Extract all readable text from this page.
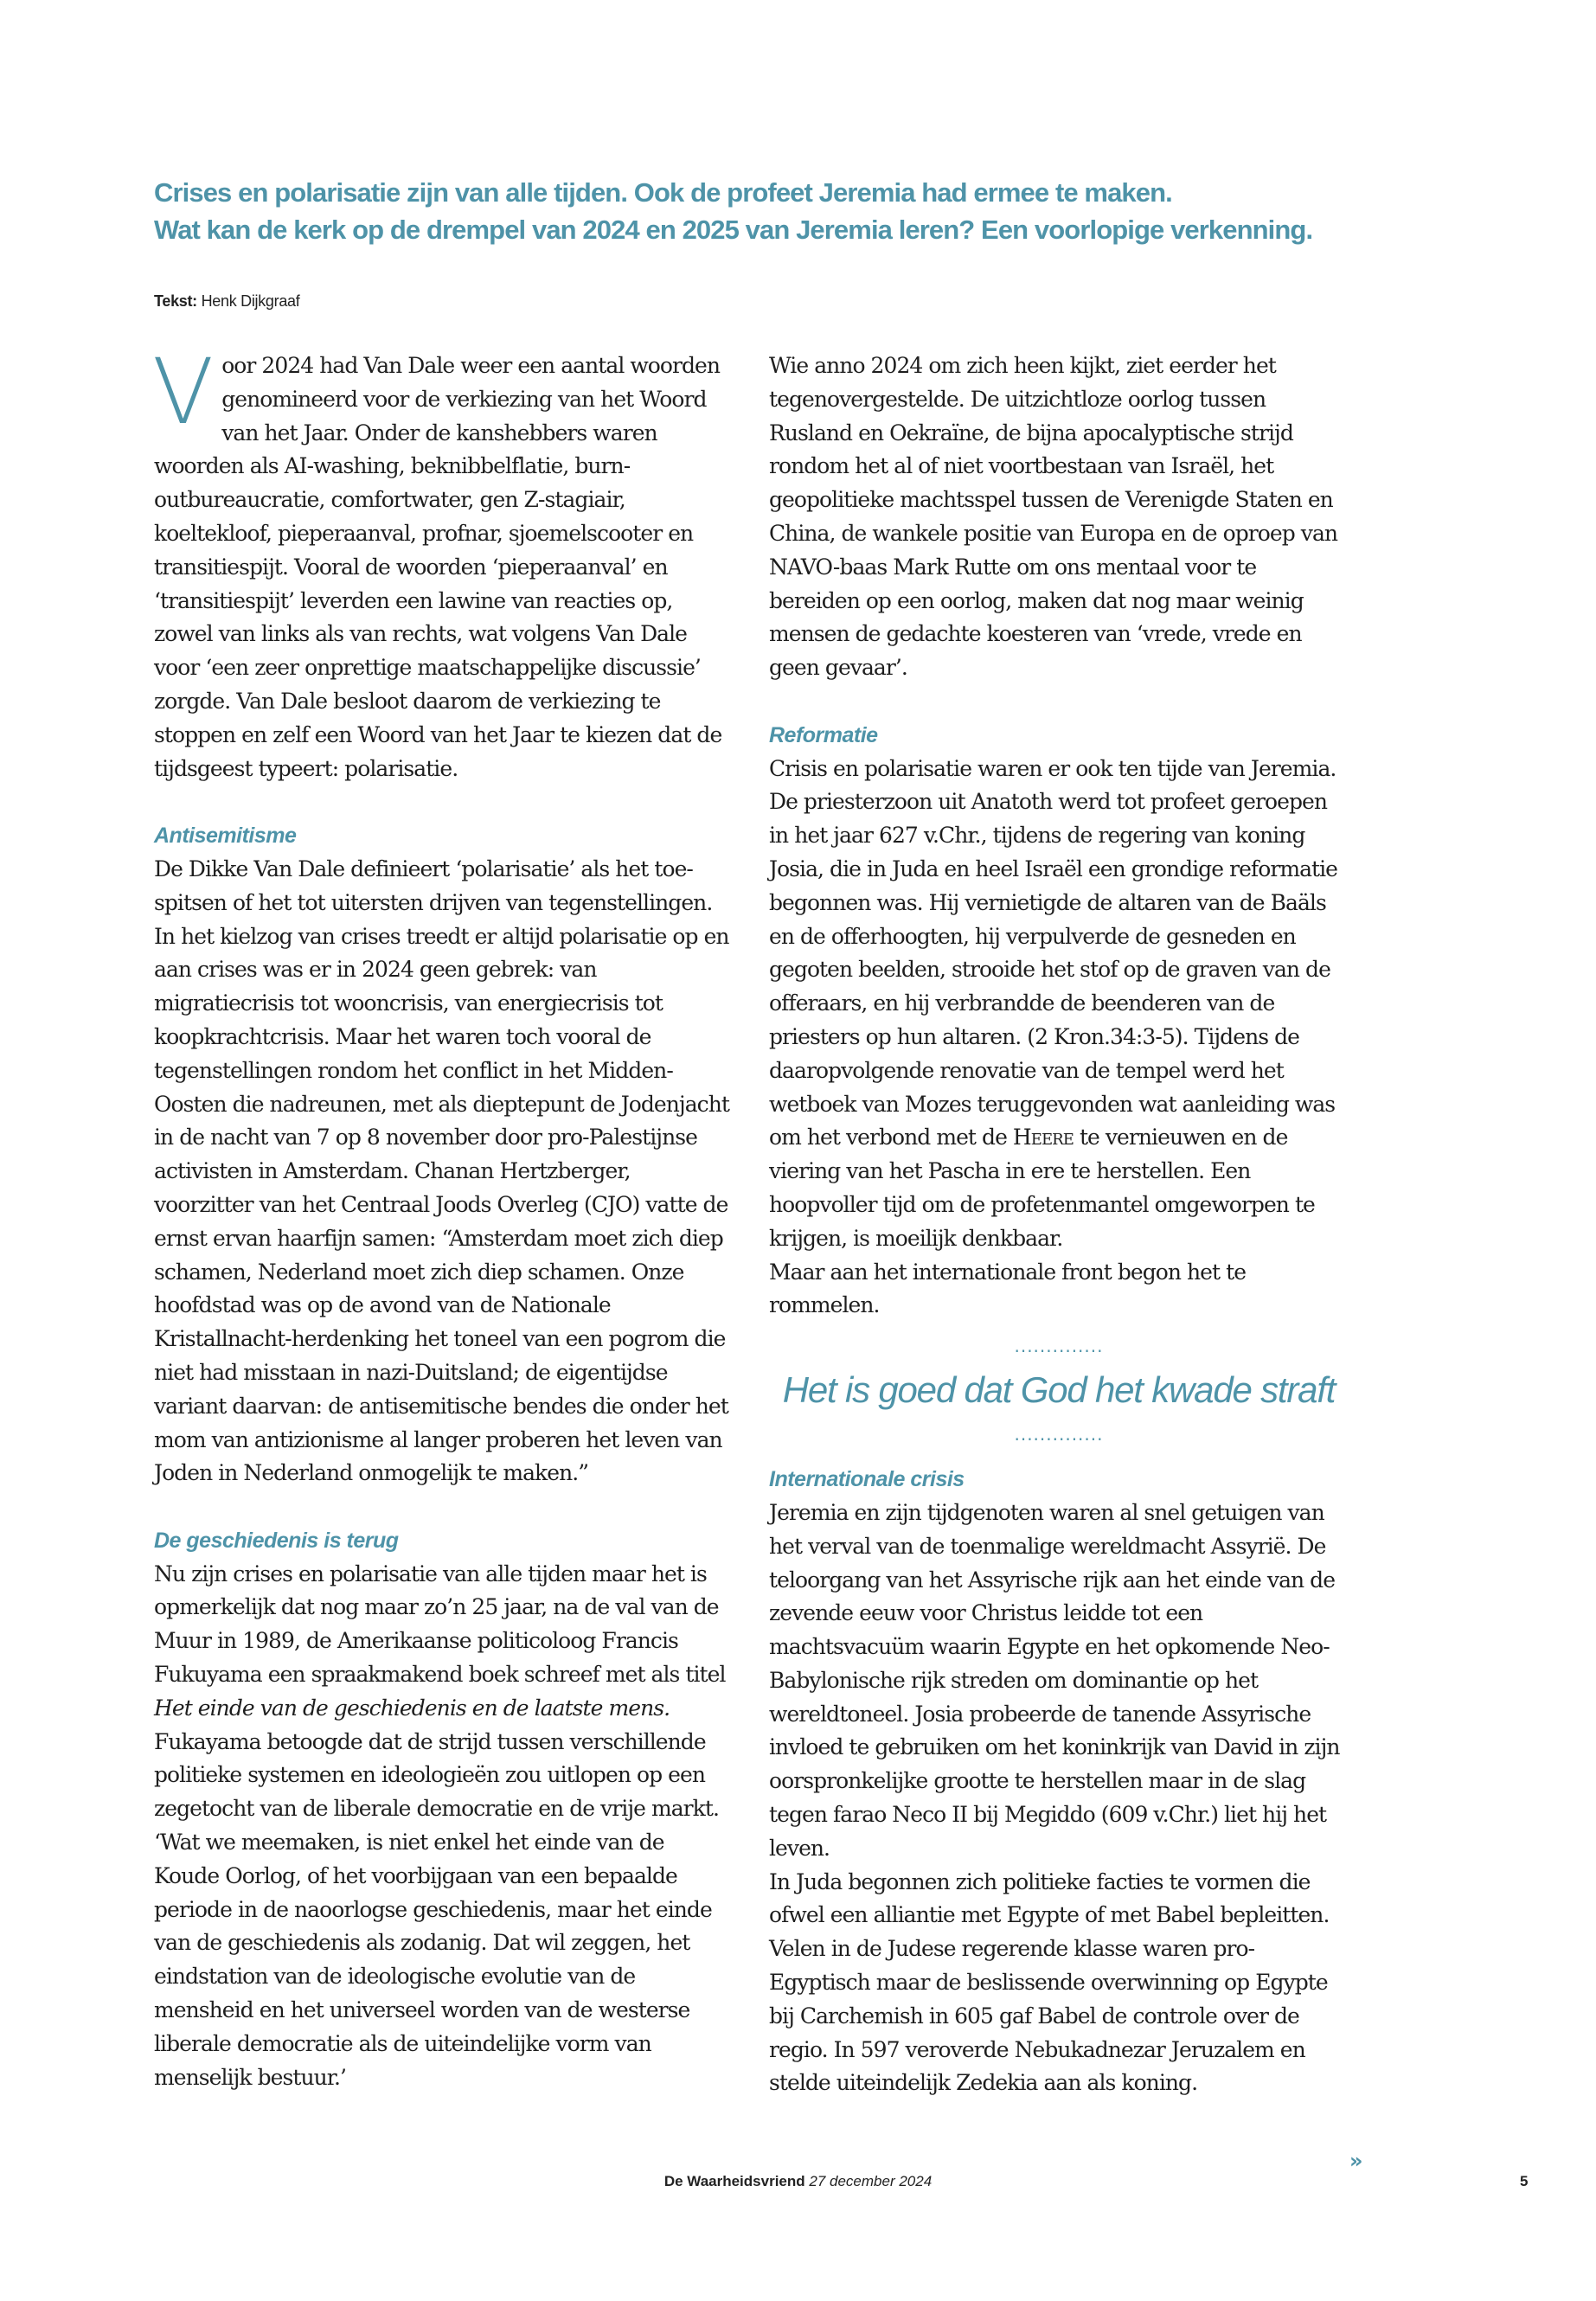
Crises en polarisatie zijn van alle tijden. Ook de profeet Jeremia had ermee te maken.

Wat kan de kerk op de drempel van 2024 en 2025 van Jeremia leren? Een voorlopige verkenning.

Tekst: Henk Dijkgraaf

Voor 2024 had Van Dale weer een aantal woorden genomineerd voor de verkiezing van het Woord van het Jaar. Onder de kanshebbers waren woorden als AI-washing, beknibbelflatie, burn-outbureaucratie, comfortwater, gen Z-stagiair, koeltekloof, pieperaanval, profnar, sjoemelscooter en transitiespijt. Vooral de woorden ‘pieperaanval’ en ‘transitiespijt’ leverden een lawine van reacties op, zowel van links als van rechts, wat volgens Van Dale voor ‘een zeer onprettige maatschappelijke discussie’ zorgde. Van Dale besloot daarom de verkiezing te stoppen en zelf een Woord van het Jaar te kiezen dat de tijdsgeest typeert: polarisatie.

Antisemitisme

De Dikke Van Dale definieert ‘polarisatie’ als het toespitsen of het tot uitersten drijven van tegenstellingen. In het kielzog van crises treedt er altijd polarisatie op en aan crises was er in 2024 geen gebrek: van migratiecrisis tot wooncrisis, van energiecrisis tot koopkrachtcrisis. Maar het waren toch vooral de tegenstellingen rondom het conflict in het Midden-Oosten die nadreunen, met als dieptepunt de Jodenjacht in de nacht van 7 op 8 november door pro-Palestijnse activisten in Amsterdam. Chanan Hertzberger, voorzitter van het Centraal Joods Overleg (CJO) vatte de ernst ervan haarfijn samen: “Amsterdam moet zich diep schamen, Nederland moet zich diep schamen. Onze hoofdstad was op de avond van de Nationale Kristallnacht-herdenking het toneel van een pogrom die niet had misstaan in nazi-Duitsland; de eigentijdse variant daarvan: de antisemitische bendes die onder het mom van antizionisme al langer proberen het leven van Joden in Nederland onmogelijk te maken.”

De geschiedenis is terug

Nu zijn crises en polarisatie van alle tijden maar het is opmerkelijk dat nog maar zo’n 25 jaar, na de val van de Muur in 1989, de Amerikaanse politicoloog Francis Fukuyama een spraakmakend boek schreef met als titel Het einde van de geschiedenis en de laatste mens. Fukayama betoogde dat de strijd tussen verschillende politieke systemen en ideologieën zou uitlopen op een zegetocht van de liberale democratie en de vrije markt. ‘Wat we meemaken, is niet enkel het einde van de Koude Oorlog, of het voorbijgaan van een bepaalde periode in de naoorlogse geschiedenis, maar het einde van de geschiedenis als zodanig. Dat wil zeggen, het eindstation van de ideologische evolutie van de mensheid en het universeel worden van de westerse liberale democratie als de uiteindelijke vorm van menselijk bestuur.’

Wie anno 2024 om zich heen kijkt, ziet eerder het tegenovergestelde. De uitzichtloze oorlog tussen Rusland en Oekraïne, de bijna apocalyptische strijd rondom het al of niet voortbestaan van Israël, het geopolitieke machtsspel tussen de Verenigde Staten en China, de wankele positie van Europa en de oproep van NAVO-baas Mark Rutte om ons mentaal voor te bereiden op een oorlog, maken dat nog maar weinig mensen de gedachte koesteren van ‘vrede, vrede en geen gevaar’.

Reformatie

Crisis en polarisatie waren er ook ten tijde van Jeremia. De priesterzoon uit Anatoth werd tot profeet geroepen in het jaar 627 v.Chr., tijdens de regering van koning Josia, die in Juda en heel Israël een grondige reformatie begonnen was. Hij vernietigde de altaren van de Baäls en de offerhoogten, hij verpulverde de gesneden en gegoten beelden, strooide het stof op de graven van de offeraars, en hij verbrandde de beenderen van de priesters op hun altaren. (2 Kron.34:3-5). Tijdens de daaropvolgende renovatie van de tempel werd het wetboek van Mozes teruggevonden wat aanleiding was om het verbond met de Heere te vernieuwen en de viering van het Pascha in ere te herstellen. Een hoopvoller tijd om de profetenmantel omgeworpen te krijgen, is moeilijk denkbaar.

Maar aan het internationale front begon het te rommelen.

..............
Het is goed dat God het kwade straft
..............

Internationale crisis

Jeremia en zijn tijdgenoten waren al snel getuigen van het verval van de toenmalige wereldmacht Assyrië. De teloorgang van het Assyrische rijk aan het einde van de zevende eeuw voor Christus leidde tot een machtsvacuüm waarin Egypte en het opkomende Neo-Babylonische rijk streden om dominantie op het wereldtoneel. Josia probeerde de tanende Assyrische invloed te gebruiken om het koninkrijk van David in zijn oorspronkelijke grootte te herstellen maar in de slag tegen farao Neco II bij Megiddo (609 v.Chr.) liet hij het leven.

In Juda begonnen zich politieke facties te vormen die ofwel een alliantie met Egypte of met Babel bepleitten. Velen in de Judese regerende klasse waren pro-Egyptisch maar de beslissende overwinning op Egypte bij Carchemish in 605 gaf Babel de controle over de regio. In 597 veroverde Nebukadnezar Jeruzalem en stelde uiteindelijk Zedekia aan als koning.

»
De Waarheidsvriend 27 december 2024	5
